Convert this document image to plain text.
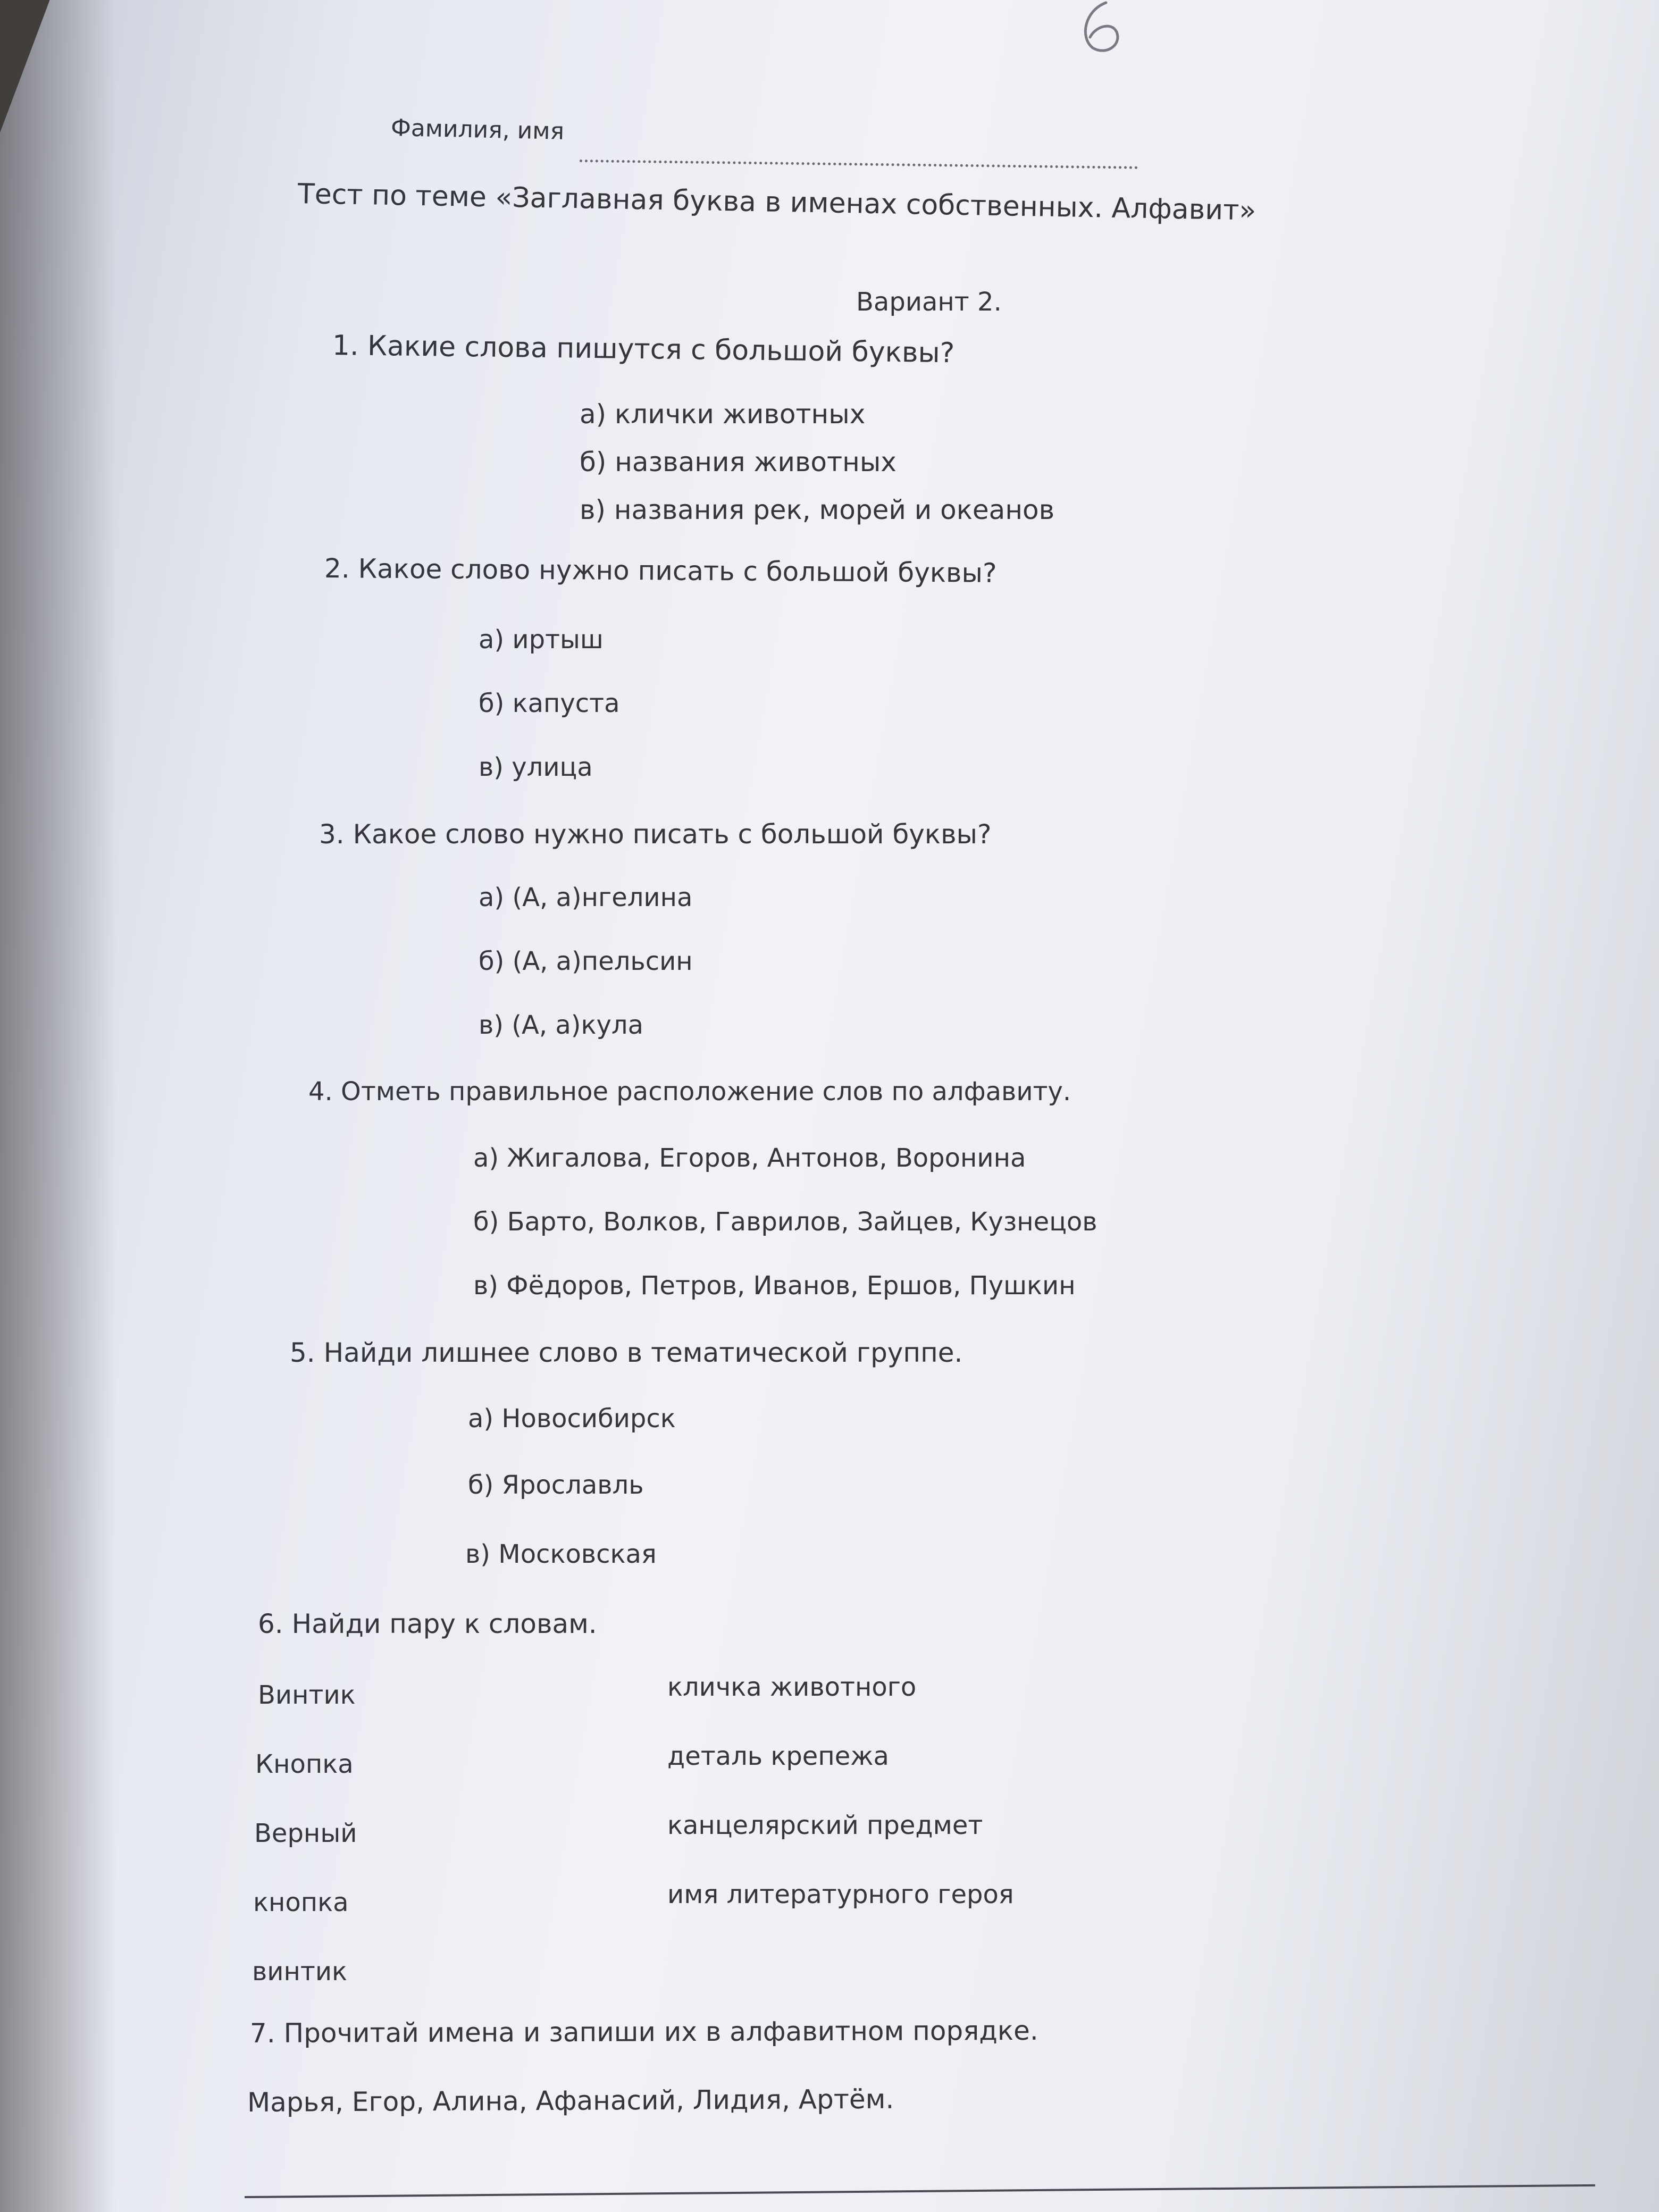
Фамилия, имя
Тест по теме «Заглавная буква в именах собственных. Алфавит»
Вариант 2.
1. Какие слова пишутся с большой буквы?
а) клички животных
б) названия животных
в) названия рек, морей и океанов
2. Какое слово нужно писать с большой буквы?
а) иртыш
б) капуста
в) улица
3. Какое слово нужно писать с большой буквы?
а) (А, а)нгелина
б) (А, а)пельсин
в) (А, а)кула
4. Отметь правильное расположение слов по алфавиту.
а) Жигалова, Егоров, Антонов, Воронина
б) Барто, Волков, Гаврилов, Зайцев, Кузнецов
в) Фёдоров, Петров, Иванов, Ершов, Пушкин
5. Найди лишнее слово в тематической группе.
а) Новосибирск
б) Ярославль
в) Московская
6. Найди пару к словам.
Винтик
Кнопка
Верный
кнопка
винтик
кличка животного
деталь крепежа
канцелярский предмет
имя литературного героя
7. Прочитай имена и запиши их в алфавитном порядке.
Марья, Егор, Алина, Афанасий, Лидия, Артём.
